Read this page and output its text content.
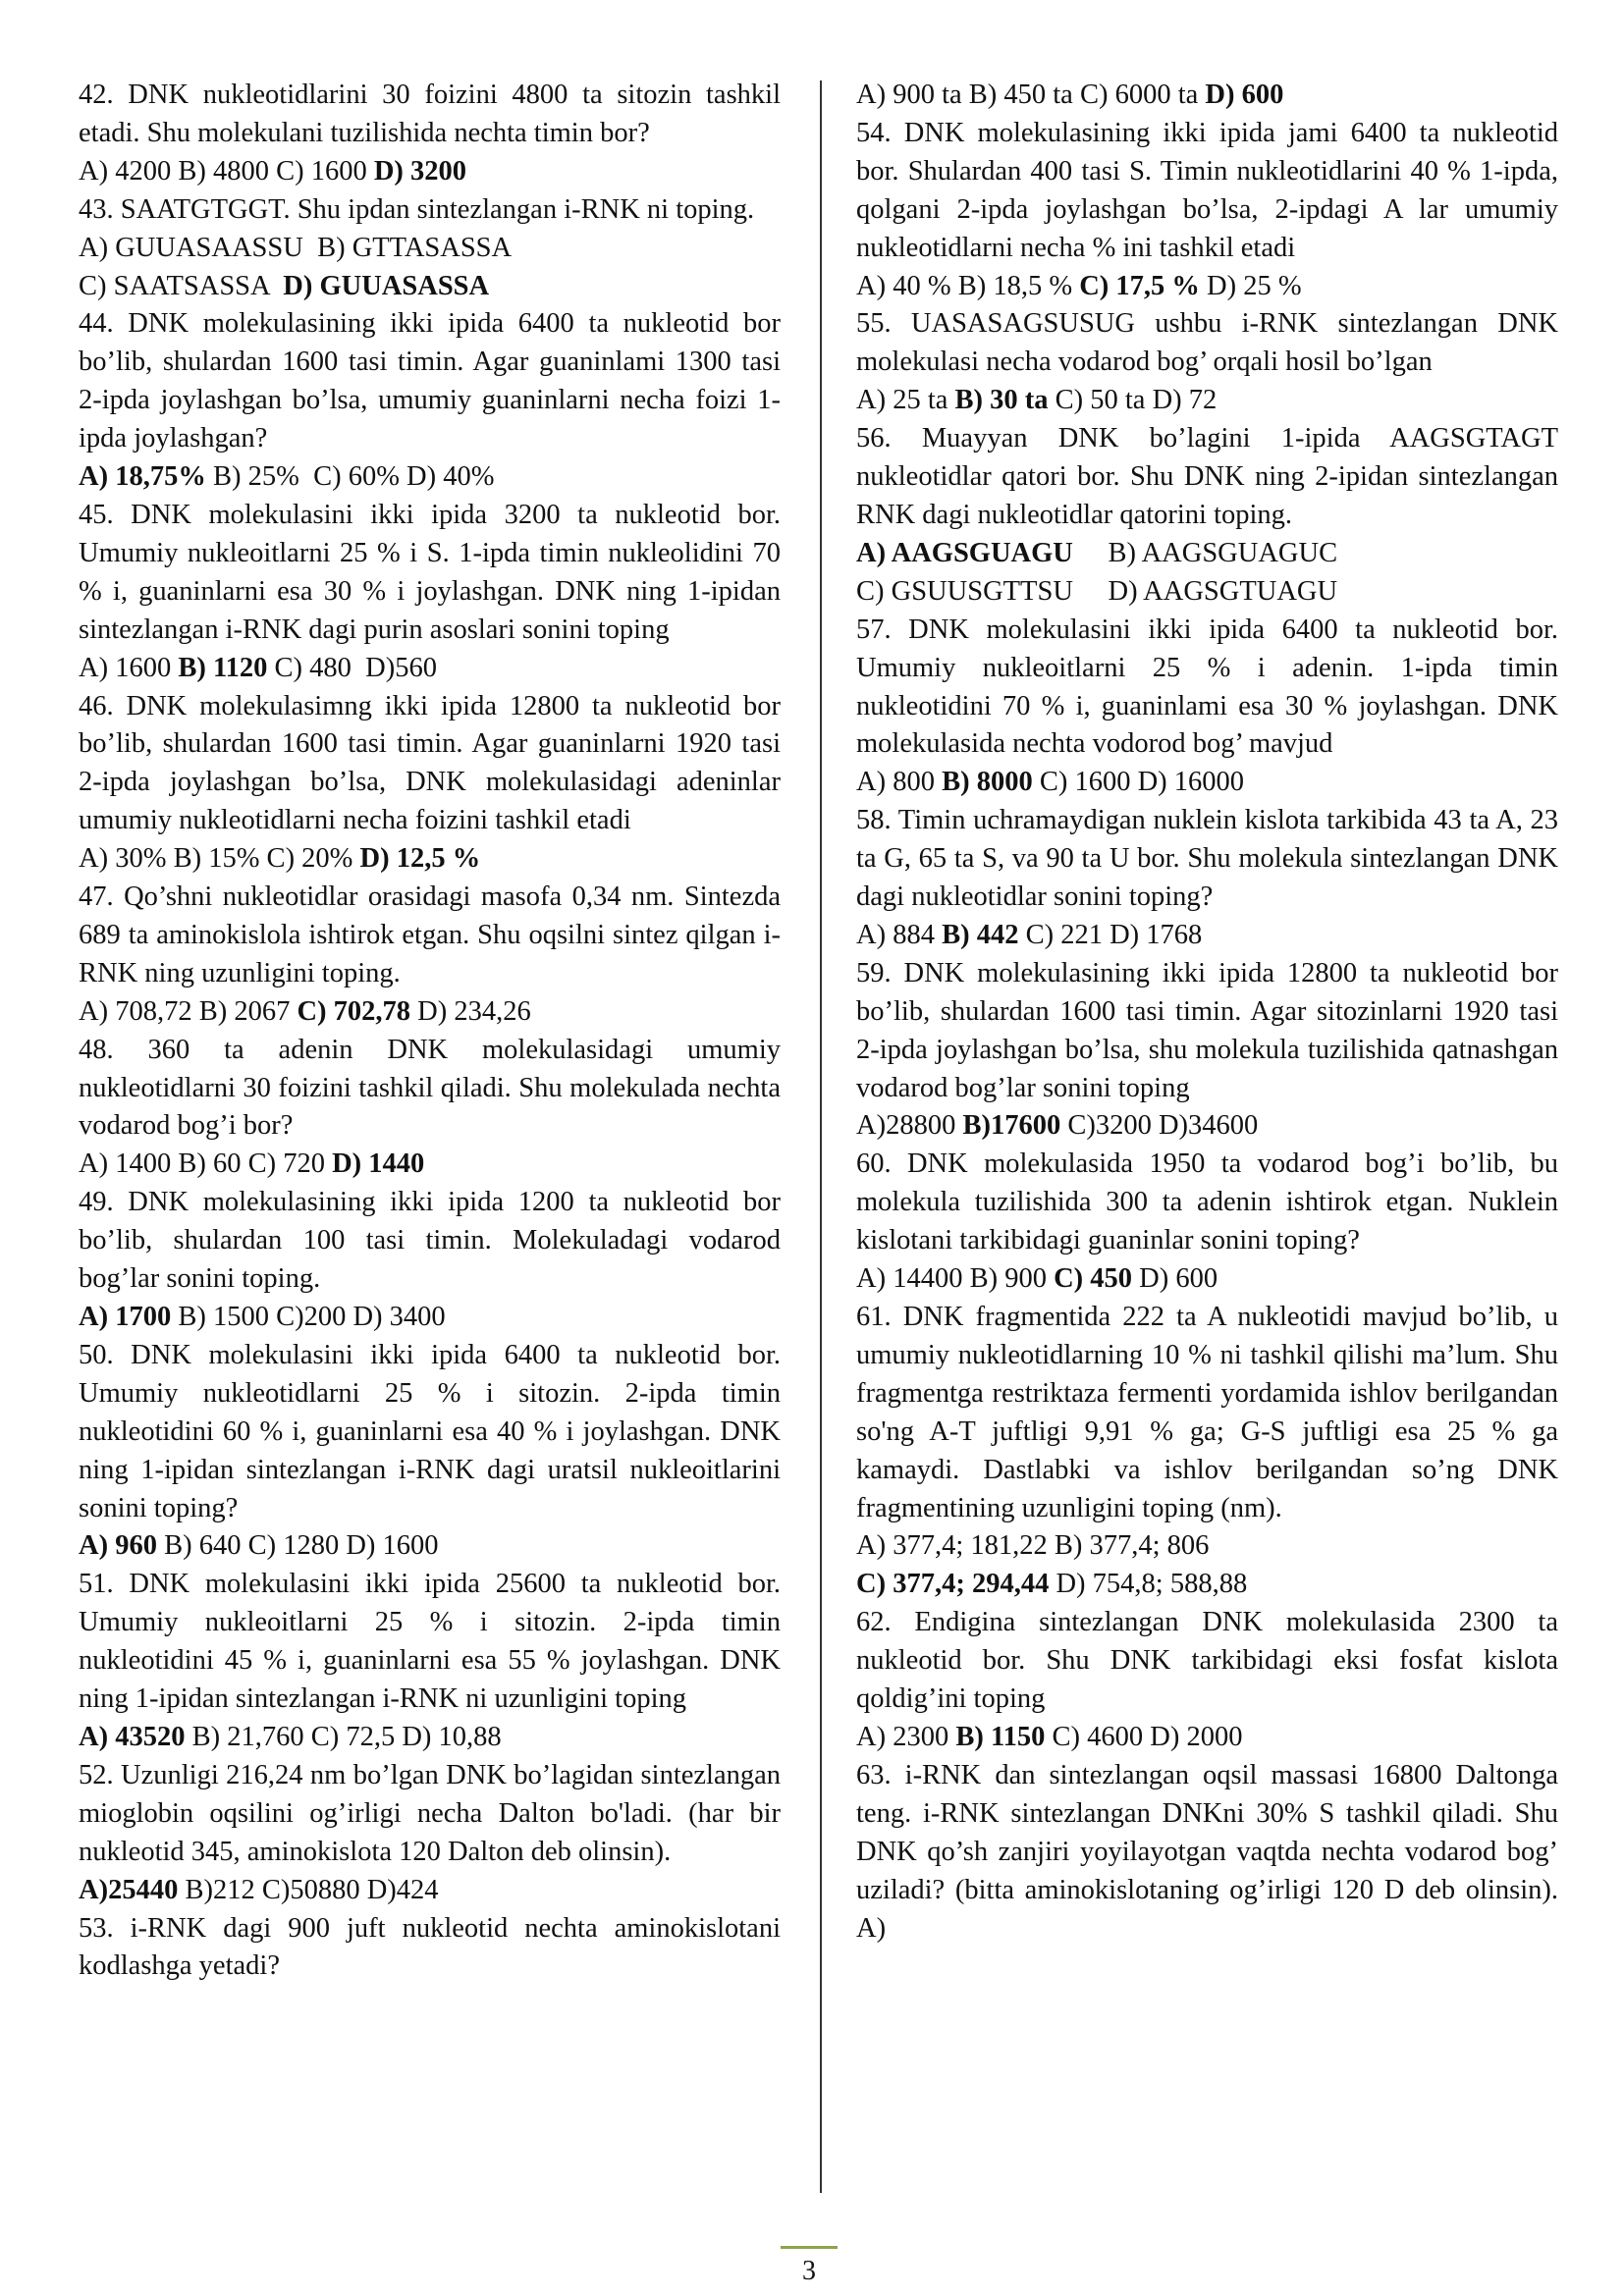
42. DNK nukleotidlarini 30 foizini 4800 ta sitozin tashkil etadi. Shu molekulani tuzilishida nechta timin bor?

A) 4200 B) 4800 C) 1600 D) 3200

43. SAATGTGGT. Shu ipdan sintezlangan i-RNK ni toping.

A) GUUASAASSU  B) GTTASASSA
C) SAATSASSA  D) GUUASASSA

44. DNK molekulasining ikki ipida 6400 ta nukleotid bor bo’lib, shulardan 1600 tasi timin. Agar guaninlami 1300 tasi 2-ipda joylashgan bo’lsa, umumiy guaninlarni necha foizi 1- ipda joylashgan?

A) 18,75% B) 25%  C) 60% D) 40%

45. DNK molekulasini ikki ipida 3200 ta nukleotid bor. Umumiy nukleoitlarni 25 % i S. 1-ipda timin nukleolidini 70 % i, guaninlarni esa 30 % i joylashgan. DNK ning 1-ipidan sintezlangan i-RNK dagi purin asoslari sonini toping

A) 1600 B) 1120 C) 480  D)560

46. DNK molekulasimng ikki ipida 12800 ta nukleotid bor bo’lib, shulardan 1600 tasi timin. Agar guaninlarni 1920 tasi 2-ipda joylashgan bo’lsa, DNK molekulasidagi adeninlar umumiy nukleotidlarni necha foizini tashkil etadi

A) 30% B) 15% C) 20% D) 12,5 %

47. Qo’shni nukleotidlar orasidagi masofa 0,34 nm. Sintezda 689 ta aminokislola ishtirok etgan. Shu oqsilni sintez qilgan i- RNK ning uzunligini toping.

A) 708,72 B) 2067 C) 702,78 D) 234,26

48. 360 ta adenin DNK molekulasidagi umumiy nukleotidlarni 30 foizini tashkil qiladi. Shu molekulada nechta vodarod bog’i bor?

A) 1400 B) 60 C) 720 D) 1440

49. DNK molekulasining ikki ipida 1200 ta nukleotid bor bo’lib, shulardan 100 tasi timin. Molekuladagi vodarod bog’lar sonini toping.

A) 1700 B) 1500 C)200 D) 3400

50. DNK molekulasini ikki ipida 6400 ta nukleotid bor. Umumiy nukleotidlarni 25 % i sitozin. 2-ipda timin nukleotidini 60 % i, guaninlarni esa 40 % i joylashgan. DNK ning 1-ipidan sintezlangan i-RNK dagi uratsil nukleoitlarini sonini toping?

A) 960 B) 640 C) 1280 D) 1600

51. DNK molekulasini ikki ipida 25600 ta nukleotid bor. Umumiy nukleoitlarni 25 % i sitozin. 2-ipda timin nukleotidini 45 % i, guaninlarni esa 55 % joylashgan. DNK ning 1-ipidan sintezlangan i-RNK ni uzunligini toping

A) 43520 B) 21,760 C) 72,5 D) 10,88

52. Uzunligi 216,24 nm bo’lgan DNK bo’lagidan sintezlangan mioglobin oqsilini og’irligi necha Dalton bo'ladi. (har bir nukleotid 345, aminokislota 120 Dalton deb olinsin).

A)25440 B)212 C)50880 D)424

53. i-RNK dagi 900 juft nukleotid nechta aminokislotani kodlashga yetadi?

A) 900 ta B) 450 ta C) 6000 ta D) 600

54. DNK molekulasining ikki ipida jami 6400 ta nukleotid bor. Shulardan 400 tasi S. Timin nukleotidlarini 40 % 1-ipda, qolgani 2-ipda joylashgan bo’lsa, 2-ipdagi A lar umumiy nukleotidlarni necha % ini tashkil etadi

A) 40 % B) 18,5 % C) 17,5 % D) 25 %

55. UASASAGSUSUG ushbu i-RNK sintezlangan DNK molekulasi necha vodarod bog’ orqali hosil bo’lgan

A) 25 ta B) 30 ta C) 50 ta D) 72

56. Muayyan DNK bo’lagini 1-ipida AAGSGTAGT nukleotidlar qatori bor. Shu DNK ning 2-ipidan sintezlangan RNK dagi nukleotidlar qatorini toping.

A) AAGSGUAGU     B) AAGSGUAGUC
C) GSUUSGTTSU     D) AAGSGTUAGU

57. DNK molekulasini ikki ipida 6400 ta nukleotid bor. Umumiy nukleoitlarni 25 % i adenin. 1-ipda timin nukleotidini 70 % i, guaninlami esa 30 % joylashgan. DNK molekulasida nechta vodorod bog’ mavjud

A) 800 B) 8000 C) 1600 D) 16000

58. Timin uchramaydigan nuklein kislota tarkibida 43 ta A, 23 ta G, 65 ta S, va 90 ta U bor. Shu molekula sintezlangan DNK dagi nukleotidlar sonini toping?

A) 884 B) 442 C) 221 D) 1768

59. DNK molekulasining ikki ipida 12800 ta nukleotid bor bo’lib, shulardan 1600 tasi timin. Agar sitozinlarni 1920 tasi 2-ipda joylashgan bo’lsa, shu molekula tuzilishida qatnashgan vodarod bog’lar sonini toping

A)28800 B)17600 C)3200 D)34600

60. DNK molekulasida 1950 ta vodarod bog’i bo’lib, bu molekula tuzilishida 300 ta adenin ishtirok etgan. Nuklein kislotani tarkibidagi guaninlar sonini toping?

A) 14400 B) 900 C) 450 D) 600

61. DNK fragmentida 222 ta A nukleotidi mavjud bo’lib, u umumiy nukleotidlarning 10 % ni tashkil qilishi ma’lum. Shu fragmentga restriktaza fermenti yordamida ishlov berilgandan so'ng A-T juftligi 9,91 % ga; G-S juftligi esa 25 % ga kamaydi. Dastlabki va ishlov berilgandan so’ng DNK fragmentining uzunligini toping (nm).

A) 377,4; 181,22 B) 377,4; 806
C) 377,4; 294,44 D) 754,8; 588,88

62. Endigina sintezlangan DNK molekulasida 2300 ta nukleotid bor. Shu DNK tarkibidagi eksi fosfat kislota qoldig’ini toping

A) 2300 B) 1150 C) 4600 D) 2000

63. i-RNK dan sintezlangan oqsil massasi 16800 Daltonga teng. i-RNK sintezlangan DNKni 30% S tashkil qiladi. Shu DNK qo’sh zanjiri yoyilayotgan vaqtda nechta vodarod bog’ uziladi? (bitta aminokislotaning og’irligi 120 D deb olinsin). A)

3
